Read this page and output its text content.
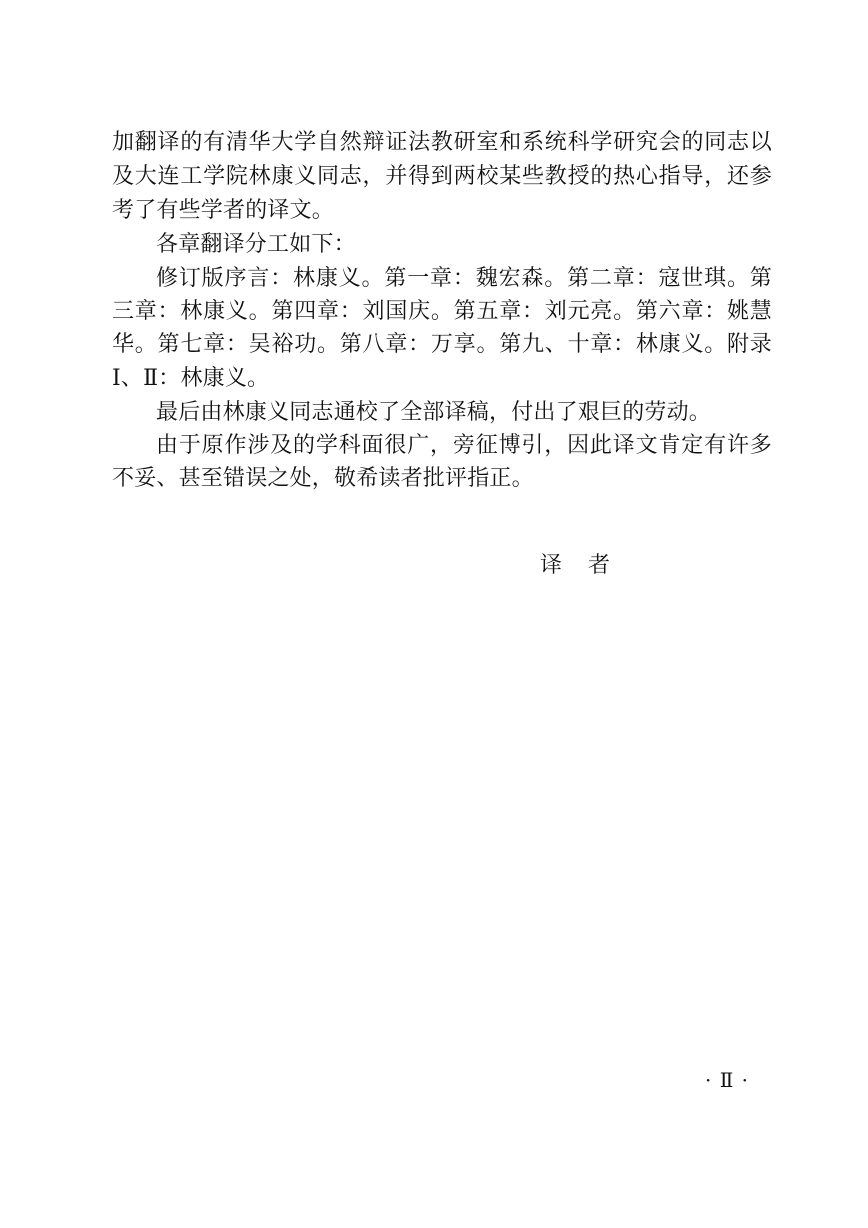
加翻译的有清华大学自然辩证法教研室和系统科学研究会的同志以
及大连工学院林康义同志，并得到两校某些教授的热心指导，还参
考了有些学者的译文。
各章翻译分工如下：
修订版序言：林康义。第一章：魏宏森。第二章：寇世琪。第
三章：林康义。第四章：刘国庆。第五章：刘元亮。第六章：姚慧
华。第七章：吴裕功。第八章：万享。第九、十章：林康义。附录
Ⅰ、Ⅱ：林康义。
最后由林康义同志通校了全部译稿，付出了艰巨的劳动。
由于原作涉及的学科面很广，旁征博引，因此译文肯定有许多
不妥、甚至错误之处，敬希读者批评指正。
译者
· Ⅱ ·
